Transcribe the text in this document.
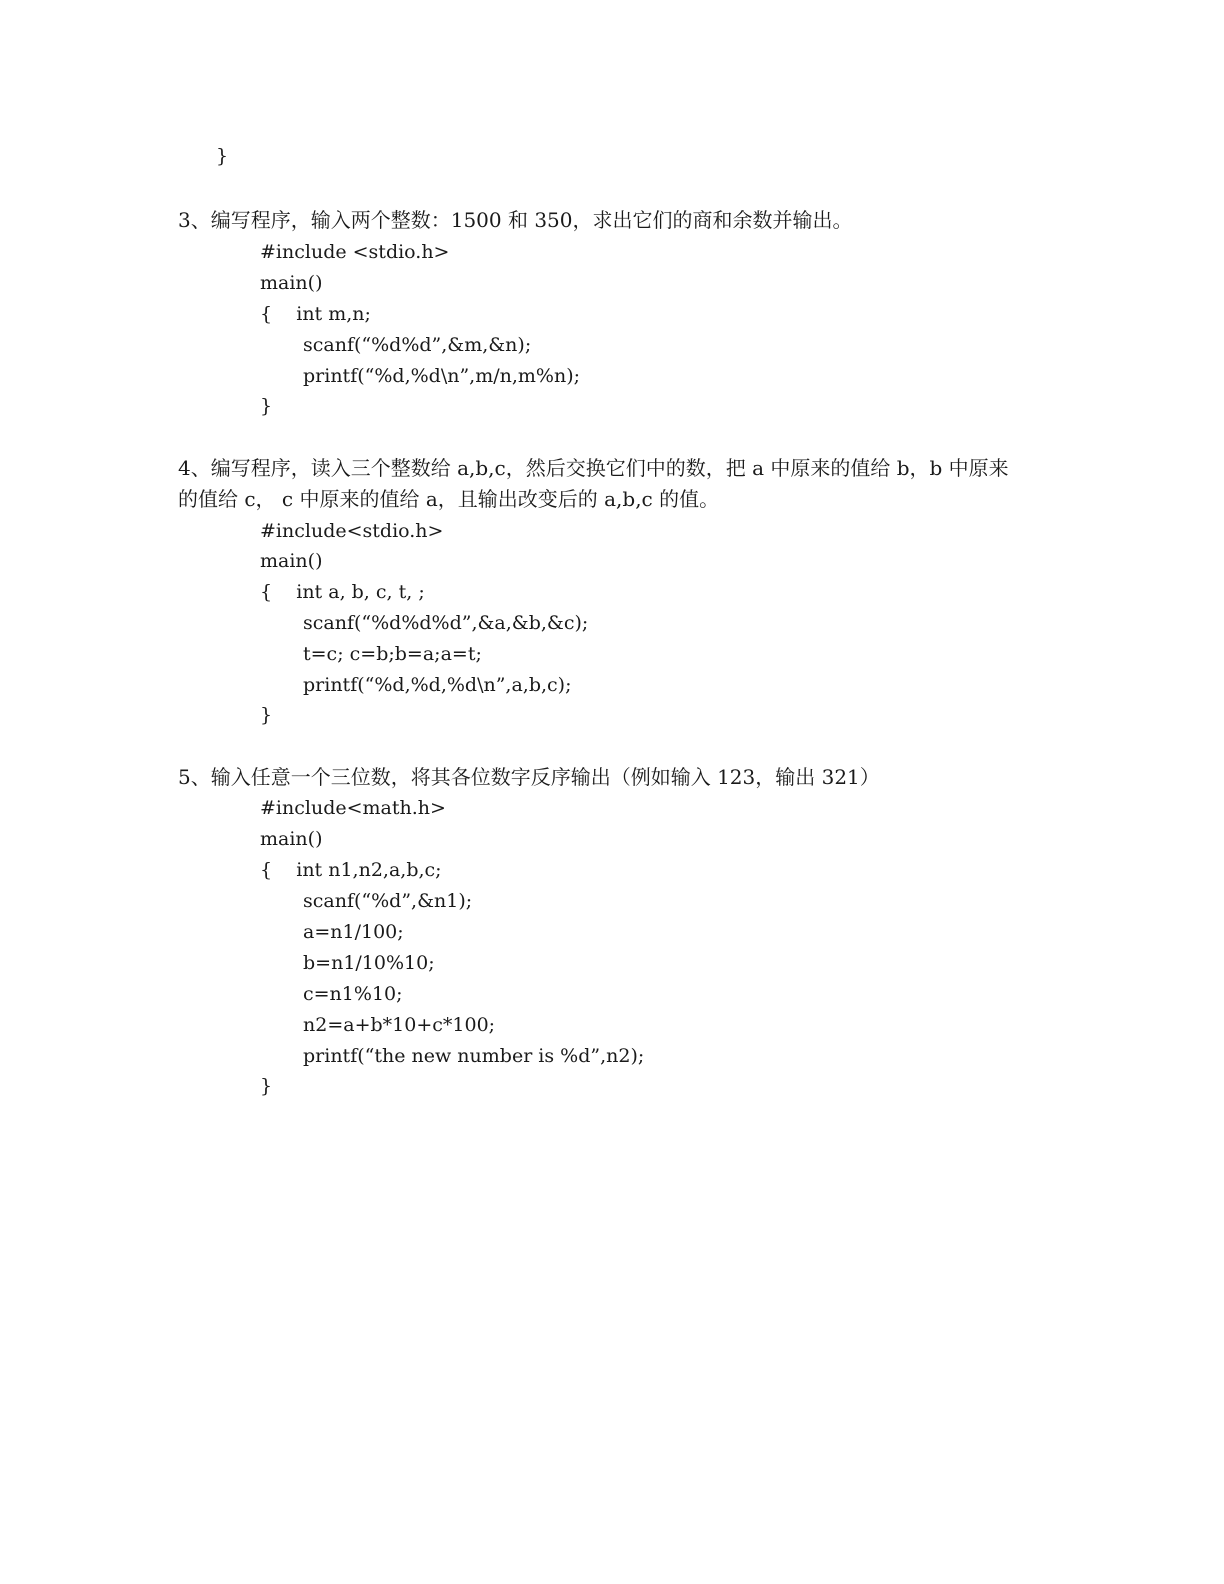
}
3、编写程序，输入两个整数：1500 和 350，求出它们的商和余数并输出。
#include <stdio.h>
main()
{    int m,n;
scanf(“%d%d”,&m,&n);
printf(“%d,%d\n”,m/n,m%n);
}
4、编写程序，读入三个整数给 a,b,c，然后交换它们中的数，把 a 中原来的值给 b，b 中原来
的值给 c， c 中原来的值给 a，且输出改变后的 a,b,c 的值。
#include<stdio.h>
main()
{    int a, b, c, t, ;
scanf(“%d%d%d”,&a,&b,&c);
t=c; c=b;b=a;a=t;
printf(“%d,%d,%d\n”,a,b,c);
}
5、输入任意一个三位数，将其各位数字反序输出（例如输入 123，输出 321）
#include<math.h>
main()
{    int n1,n2,a,b,c;
scanf(“%d”,&n1);
a=n1/100;
b=n1/10%10;
c=n1%10;
n2=a+b*10+c*100;
printf(“the new number is %d”,n2);
}
